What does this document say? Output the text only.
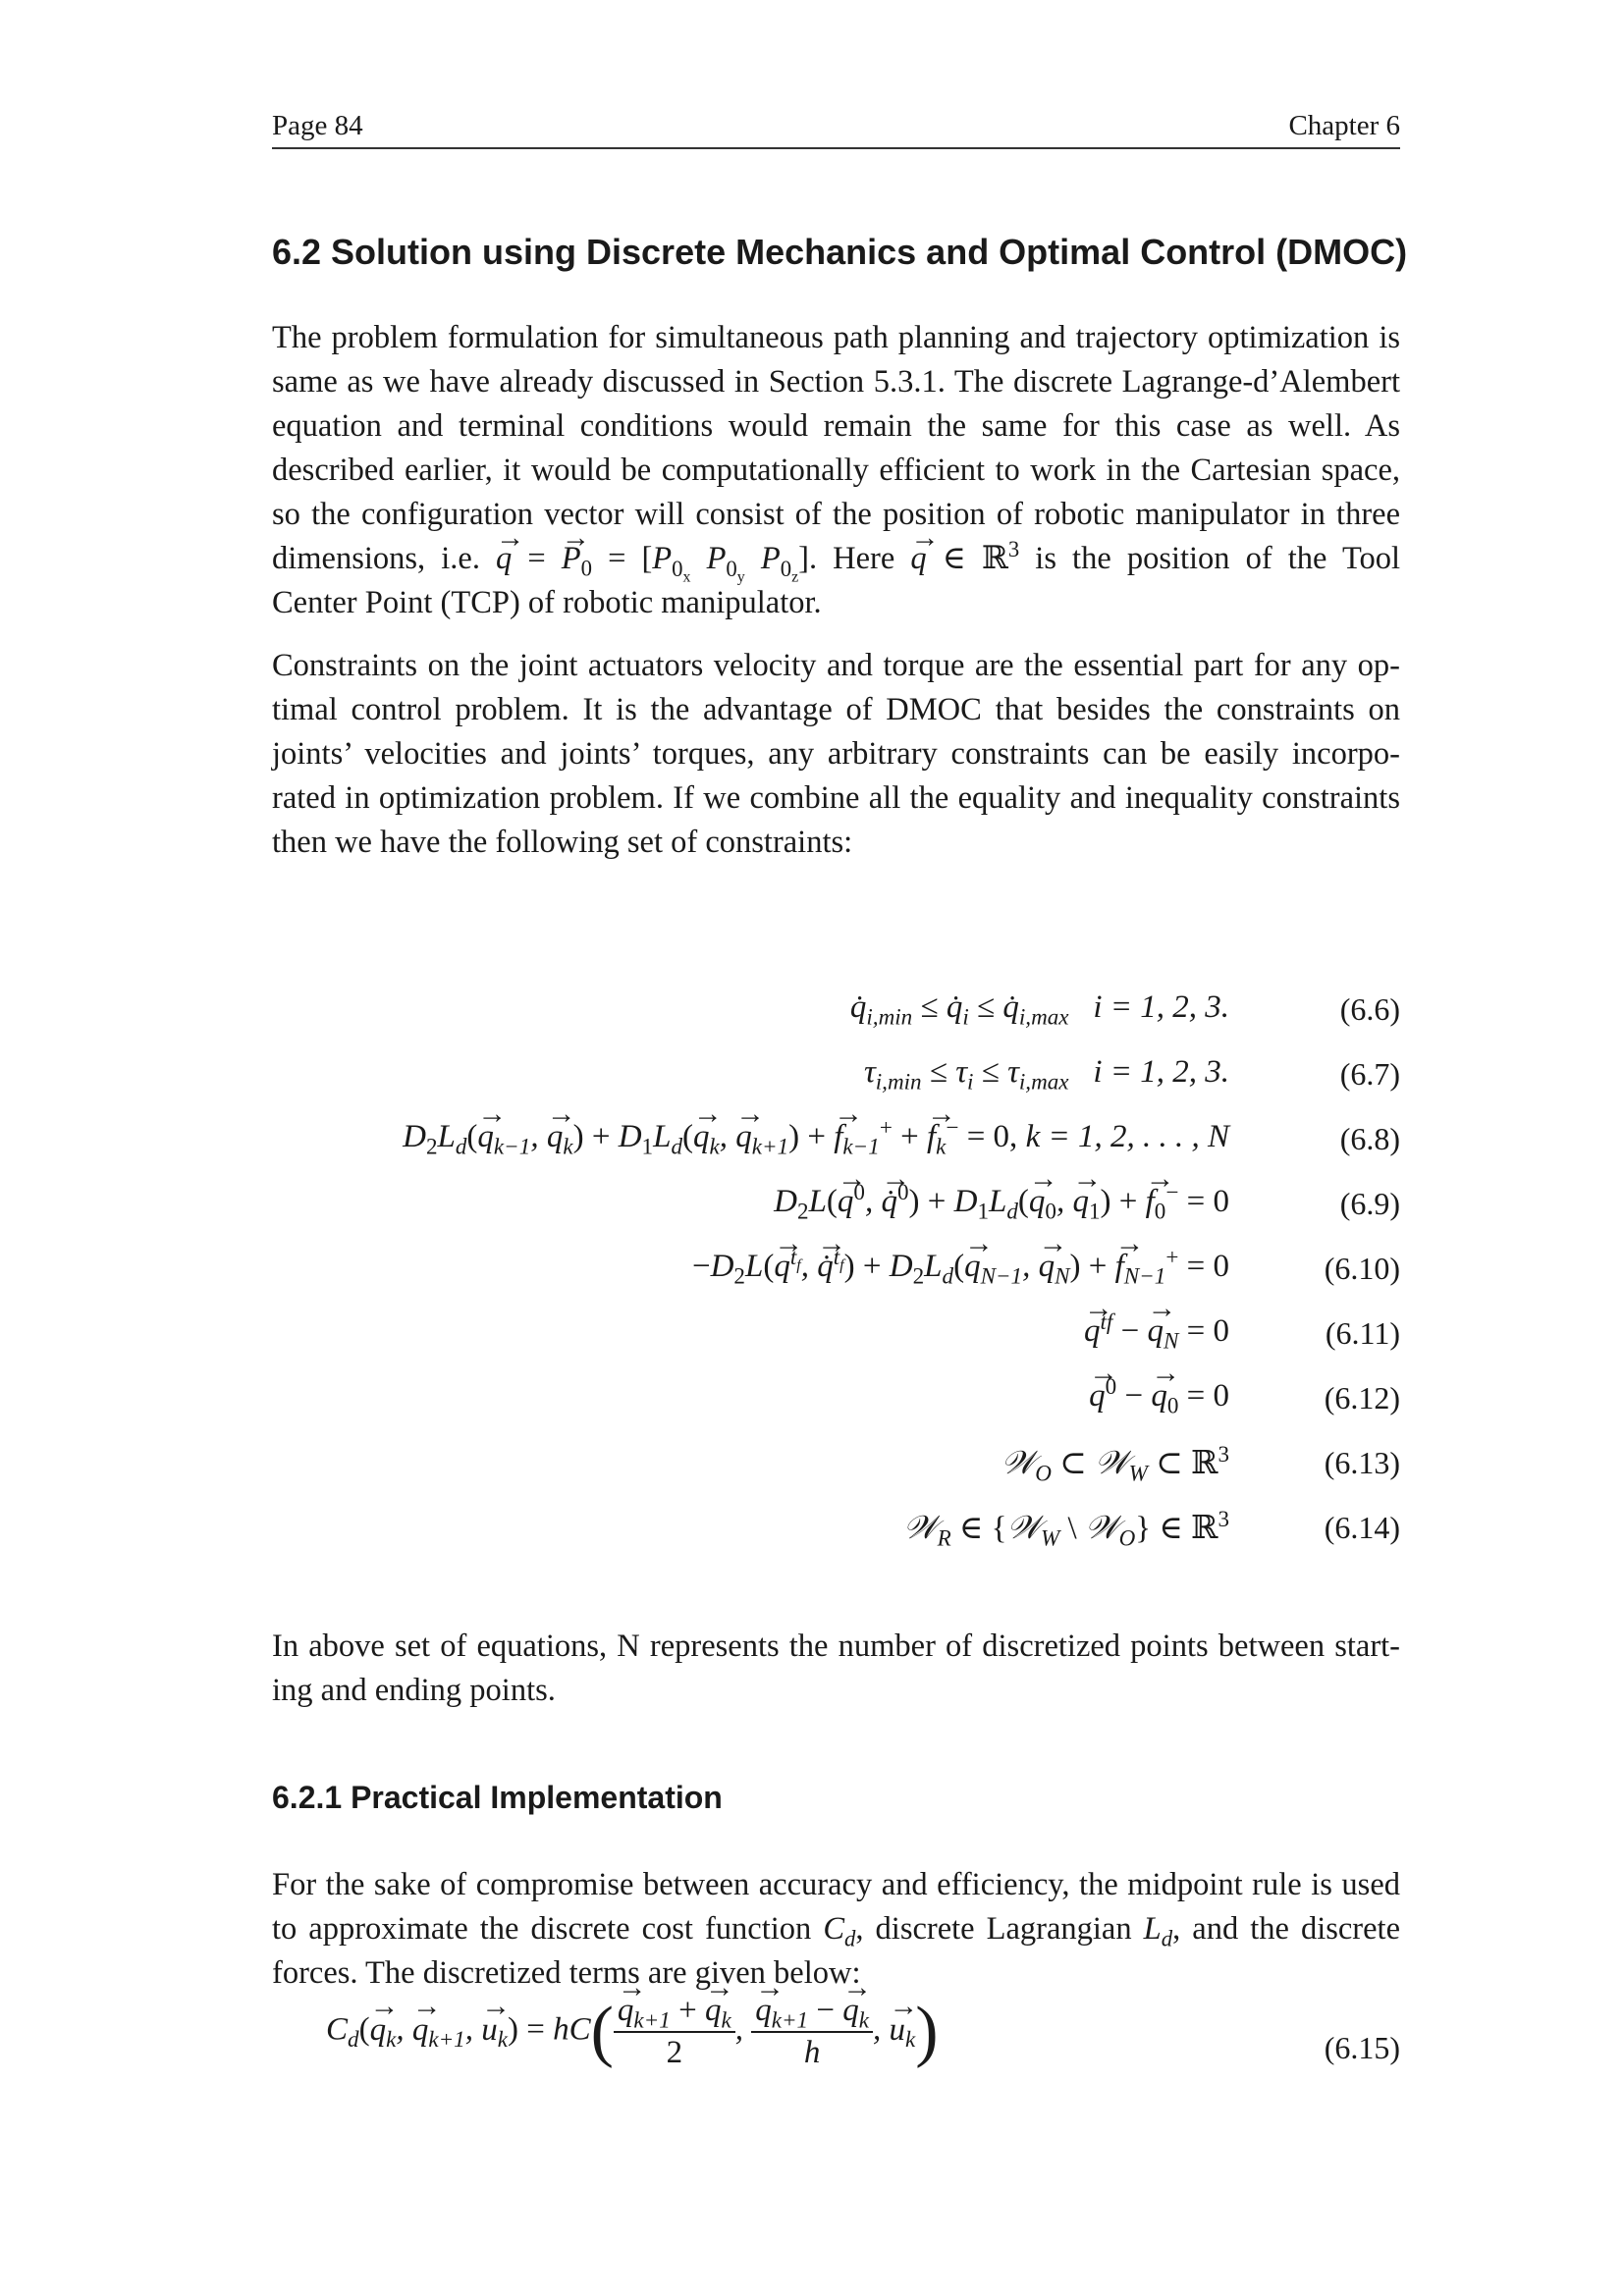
Page 84	Chapter 6
6.2 Solution using Discrete Mechanics and Optimal Control (DMOC)
The problem formulation for simultaneous path planning and trajectory optimization is
same as we have already discussed in Section 5.3.1. The discrete Lagrange-d’Alembert
equation and terminal conditions would remain the same for this case as well. As
described earlier, it would be computationally efficient to work in the Cartesian space,
so the configuration vector will consist of the position of robotic manipulator in three
dimensions, i.e. → q = → $P_0 = [P_{0_x}$ $P_{0_y}$ $P_{0_z}$]. Here → q ∈ ℝ$^3$ is the position of the Tool
Center Point (TCP) of robotic manipulator.
Constraints on the joint actuators velocity and torque are the essential part for any op-
timal control problem. It is the advantage of DMOC that besides the constraints on
joints’ velocities and joints’ torques, any arbitrary constraints can be easily incorpo-
rated in optimization problem. If we combine all the equality and inequality constraints
then we have the following set of constraints:
$q̇_{i,min}$ ≤ $q̇_i$ ≤ $q̇_{i,max}$ i = 1, 2, 3.	(6.6)
$\tau_{i,min} \le \tau_i \le \tau_{i,max}$ i = 1, 2, 3.	(6.7)
$D_2L_d(\to q_{k-1}$, → $q_k) + D_1L_d(\to q_k$, → $q_{k+1}$) + → $f_{k-1}^+$ + → $f_k^- = 0$, k = 1, 2, . . . , N	(6.8)
$D_2L(\to q^0$, → q̇$^0$) + $D_1L_d(\to q_0$, → $q_1$) + → $f_0^- = 0$	(6.9)
$-D_2L(\to q^{t_f}$, → q̇$^{t_f}$) + $D_2L_d(\to q_{N-1}$, → $q_N$) + → $f_{N-1}^+ = 0$	(6.10)
→ $q^{tf}$ − → $q_N = 0$	(6.11)
→ $q^0$ − → $q_0 = 0$	(6.12)
𝒲$_O$ ⊂ 𝒲$_W$ ⊂ ℝ$^3$	(6.13)
𝒲$_R$ ∈ {𝒲$_W$ \ 𝒲$_O$} ∈ ℝ$^3$	(6.14)
In above set of equations, N represents the number of discretized points between start-
ing and ending points.
6.2.1 Practical Implementation
For the sake of compromise between accuracy and efficiency, the midpoint rule is used
to approximate the discrete cost function $C_d$, discrete Lagrangian $L_d$, and the discrete
forces. The discretized terms are given below:
$C_d(\to q_k$, → $q_{k+1}$, → $u_k) = hC$(
→ $\frac{q_{k+1} + \to q_k}{2}$ ,
→ $\frac{q_{k+1} - \to q_k}{h}$ , → $u_k$)	(6.15)
